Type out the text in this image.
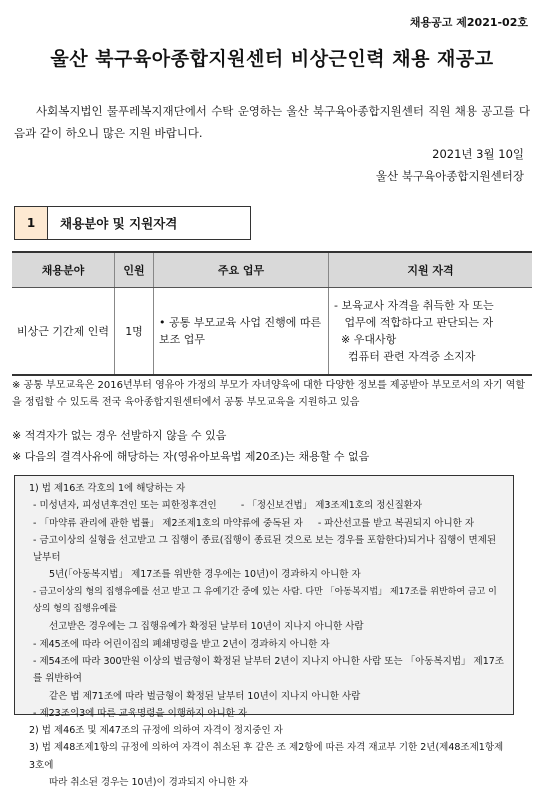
채용공고 제2021-02호
울산 북구육아종합지원센터 비상근인력 채용 재공고
사회복지법인 물푸레복지재단에서 수탁 운영하는 울산 북구육아종합지원센터 직원 채용 공고를 다음과 같이 하오니 많은 지원 바랍니다.
2021년 3월 10일
울산 북구육아종합지원센터장
1	채용분야 및 지원자격
채용분야	인원	주요 업무	지원 자격
비상근 기간제 인력	1명	• 공통 부모교육 사업 진행에 따른 보조 업무	- 보육교사 자격을 취득한 자 또는
업무에 적합하다고 판단되는 자
※ 우대사항
컴퓨터 관련 자격증 소지자
※ 공통 부모교육은 2016년부터 영유아 가정의 부모가 자녀양육에 대한 다양한 정보를 제공받아 부모로서의 자기 역할을 정립할 수 있도록 전국 육아종합지원센터에서 공통 부모교육을 지원하고 있음
※ 적격자가 없는 경우 선발하지 않을 수 있음
※ 다음의 결격사유에 해당하는 자(영유아보육법 제20조)는 채용할 수 없음
1) 법 제16조 각호의 1에 해당하는 자
- 미성년자, 피성년후견인 또는 피한정후견인        - 「정신보건법」 제3조제1호의 정신질환자
- 「마약류 관리에 관한 법률」 제2조제1호의 마약류에 중독된 자     - 파산선고를 받고 복권되지 아니한 자
- 금고이상의 실형을 선고받고 그 집행이 종료(집행이 종료된 것으로 보는 경우를 포함한다)되거나 집행이 면제된 날부터
5년(「아동복지법」 제17조를 위반한 경우에는 10년)이 경과하지 아니한 자
- 금고이상의 형의 집행유예를 선고 받고 그 유예기간 중에 있는 사람. 다만 「아동복지법」 제17조를 위반하여 금고 이상의 형의 집행유예를
선고받은 경우에는 그 집행유예가 확정된 날부터 10년이 지나지 아니한 사람
- 제45조에 따라 어린이집의 폐쇄명령을 받고 2년이 경과하지 아니한 자
- 제54조에 따라 300만원 이상의 벌금형이 확정된 날부터 2년이 지나지 아니한 사람 또는 「아동복지법」 제17조를 위반하여
같은 법 제71조에 따라 벌금형이 확정된 날부터 10년이 지나지 아니한 사람
- 제23조의3에 따른 교육명령을 이행하지 아니한 자
2) 법 제46조 및 제47조의 규정에 의하여 자격이 정지중인 자
3) 법 제48조제1항의 규정에 의하여 자격이 취소된 후 같은 조 제2항에 따른 자격 재교부 기한 2년(제48조제1항제3호에
따라 취소된 경우는 10년)이 경과되지 아니한 자
